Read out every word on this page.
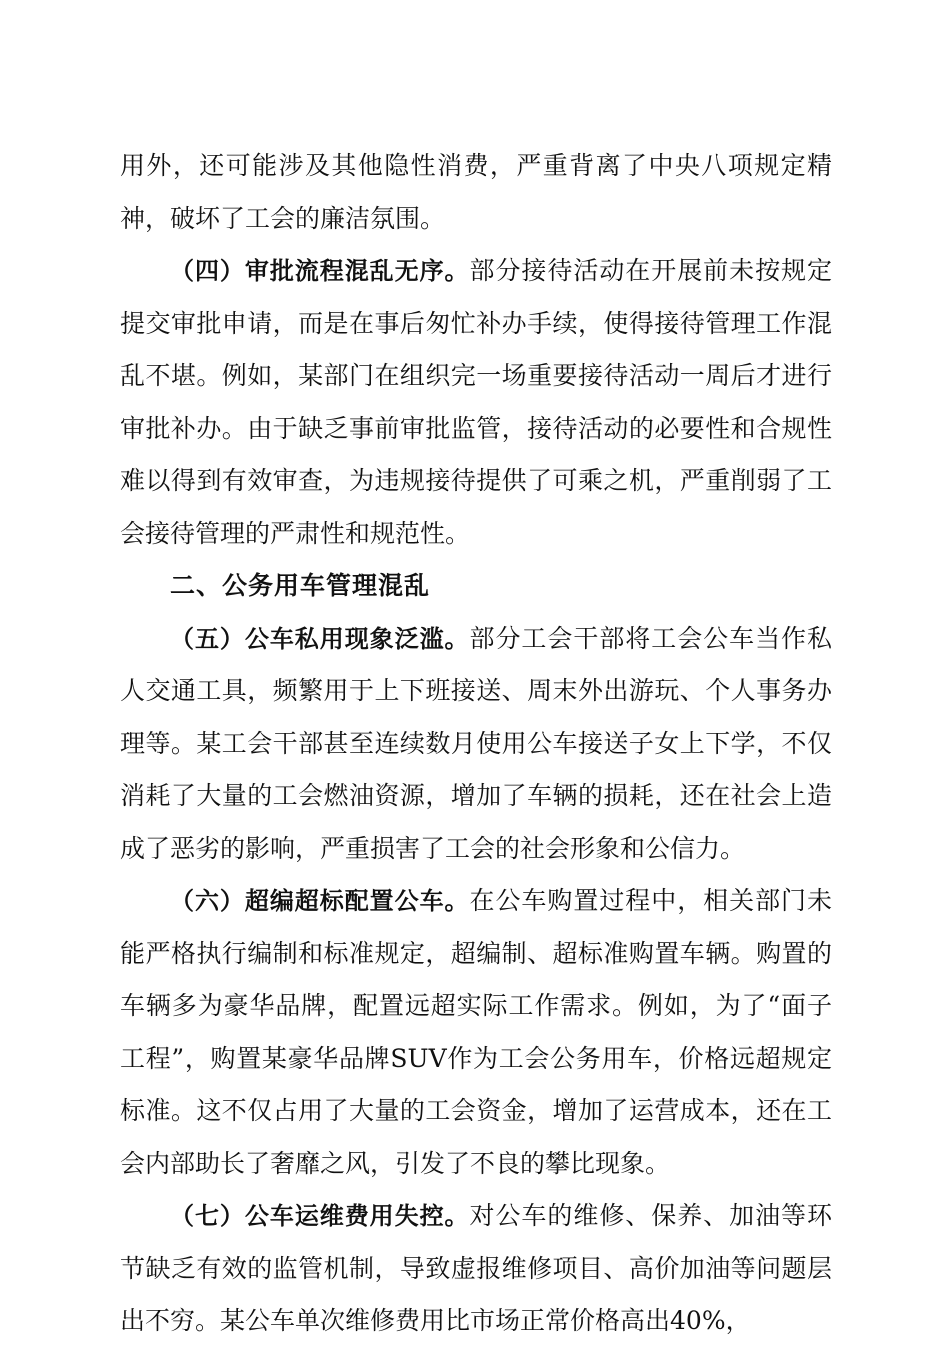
用外，还可能涉及其他隐性消费，严重背离了中央八项规定精神，破坏了工会的廉洁氛围。

（四）审批流程混乱无序。部分接待活动在开展前未按规定提交审批申请，而是在事后匆忙补办手续，使得接待管理工作混乱不堪。例如，某部门在组织完一场重要接待活动一周后才进行审批补办。由于缺乏事前审批监管，接待活动的必要性和合规性难以得到有效审查，为违规接待提供了可乘之机，严重削弱了工会接待管理的严肃性和规范性。

二、公务用车管理混乱

（五）公车私用现象泛滥。部分工会干部将工会公车当作私人交通工具，频繁用于上下班接送、周末外出游玩、个人事务办理等。某工会干部甚至连续数月使用公车接送子女上下学，不仅消耗了大量的工会燃油资源，增加了车辆的损耗，还在社会上造成了恶劣的影响，严重损害了工会的社会形象和公信力。

（六）超编超标配置公车。在公车购置过程中，相关部门未能严格执行编制和标准规定，超编制、超标准购置车辆。购置的车辆多为豪华品牌，配置远超实际工作需求。例如，为了“面子工程”，购置某豪华品牌SUV作为工会公务用车，价格远超规定标准。这不仅占用了大量的工会资金，增加了运营成本，还在工会内部助长了奢靡之风，引发了不良的攀比现象。

（七）公车运维费用失控。对公车的维修、保养、加油等环节缺乏有效的监管机制，导致虚报维修项目、高价加油等问题层出不穷。某公车单次维修费用比市场正常价格高出40%，
